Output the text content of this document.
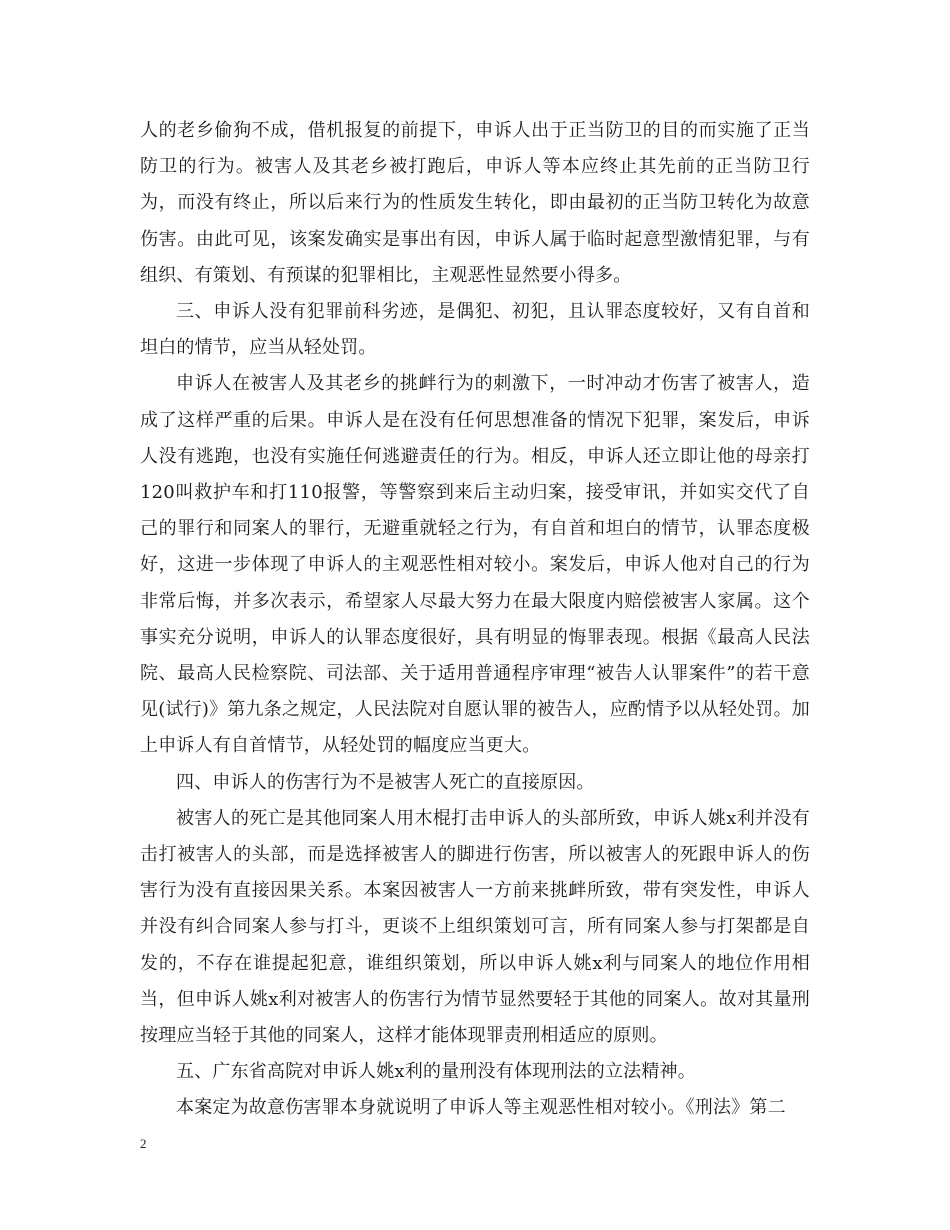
人的老乡偷狗不成，借机报复的前提下，申诉人出于正当防卫的目的而实施了正当防卫的行为。被害人及其老乡被打跑后，申诉人等本应终止其先前的正当防卫行为，而没有终止，所以后来行为的性质发生转化，即由最初的正当防卫转化为故意伤害。由此可见，该案发确实是事出有因，申诉人属于临时起意型激情犯罪，与有组织、有策划、有预谋的犯罪相比，主观恶性显然要小得多。

三、申诉人没有犯罪前科劣迹，是偶犯、初犯，且认罪态度较好，又有自首和坦白的情节，应当从轻处罚。

申诉人在被害人及其老乡的挑衅行为的刺激下，一时冲动才伤害了被害人，造成了这样严重的后果。申诉人是在没有任何思想准备的情况下犯罪，案发后，申诉人没有逃跑，也没有实施任何逃避责任的行为。相反，申诉人还立即让他的母亲打120叫救护车和打110报警，等警察到来后主动归案，接受审讯，并如实交代了自己的罪行和同案人的罪行，无避重就轻之行为，有自首和坦白的情节，认罪态度极好，这进一步体现了申诉人的主观恶性相对较小。案发后，申诉人他对自己的行为非常后悔，并多次表示，希望家人尽最大努力在最大限度内赔偿被害人家属。这个事实充分说明，申诉人的认罪态度很好，具有明显的悔罪表现。根据《最高人民法院、最高人民检察院、司法部、关于适用普通程序审理“被告人认罪案件”的若干意见(试行)》第九条之规定，人民法院对自愿认罪的被告人，应酌情予以从轻处罚。加上申诉人有自首情节，从轻处罚的幅度应当更大。

四、申诉人的伤害行为不是被害人死亡的直接原因。

被害人的死亡是其他同案人用木棍打击申诉人的头部所致，申诉人姚x利并没有击打被害人的头部，而是选择被害人的脚进行伤害，所以被害人的死跟申诉人的伤害行为没有直接因果关系。本案因被害人一方前来挑衅所致，带有突发性，申诉人并没有纠合同案人参与打斗，更谈不上组织策划可言，所有同案人参与打架都是自发的，不存在谁提起犯意，谁组织策划，所以申诉人姚x利与同案人的地位作用相当，但申诉人姚x利对被害人的伤害行为情节显然要轻于其他的同案人。故对其量刑按理应当轻于其他的同案人，这样才能体现罪责刑相适应的原则。

五、广东省高院对申诉人姚x利的量刑没有体现刑法的立法精神。

本案定为故意伤害罪本身就说明了申诉人等主观恶性相对较小。《刑法》第二

2
